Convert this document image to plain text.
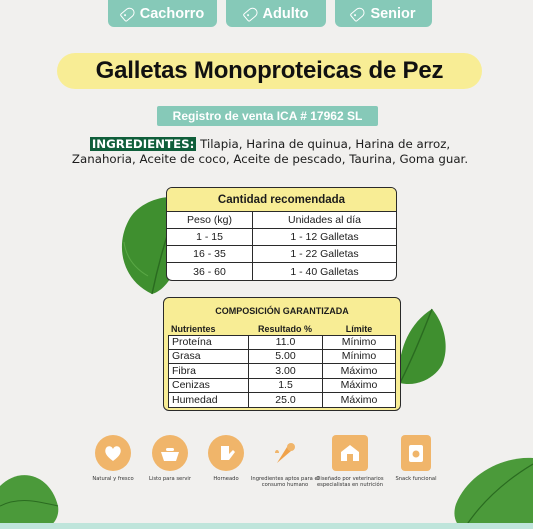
Cachorro	Adulto	Senior
Galletas Monoproteicas de Pez
Registro de venta ICA # 17962 SL
INGREDIENTES: Tilapia, Harina de quinua, Harina de arroz, Zanahoria, Aceite de coco, Aceite de pescado, Taurina, Goma guar.
Cantidad recomendada
Peso (kg)	Unidades al día
1 - 15	1 - 12 Galletas
16 - 35	1 - 22 Galletas
36 - 60	1 - 40 Galletas
COMPOSICIÓN GARANTIZADA
Nutrientes	Resultado %	Límite
Proteína	11.0	Mínimo
Grasa	5.00	Mínimo
Fibra	3.00	Máximo
Cenizas	1.5	Máximo
Humedad	25.0	Máximo
Natural y fresco	Listo para servir	Horneado	Ingredientes aptos para el consumo humano
Diseñado por veterinarios especialistas en nutrición
Snack funcional
